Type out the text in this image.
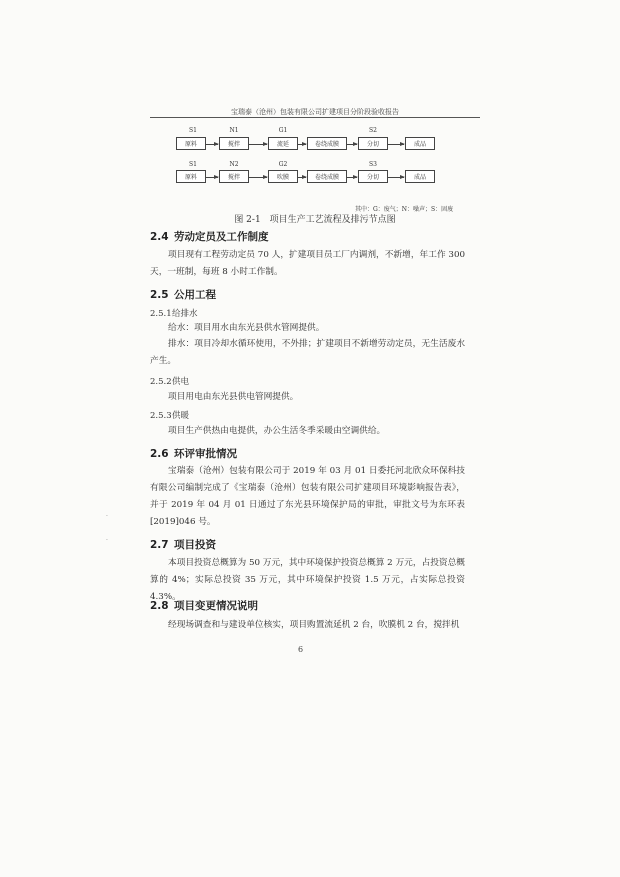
宝瑞泰（沧州）包装有限公司扩建项目分阶段验收报告
S1	N1	G1	S2
原料	搅拌	流延	卷绕成膜	分切	成品
S1	N2	G2	S3
原料	搅拌	吹膜	卷绕成膜	分切	成品
其中：G：废气；N：噪声；S：固废
图 2-1　项目生产工艺流程及排污节点图
2.4 劳动定员及工作制度

项目现有工程劳动定员 70 人，扩建项目员工厂内调剂，不新增，年工作 300 天，一班制，每班 8 小时工作制。

2.5 公用工程
2.5.1给排水

给水：项目用水由东光县供水管网提供。

排水：项目冷却水循环使用，不外排；扩建项目不新增劳动定员，无生活废水产生。

2.5.2供电

项目用电由东光县供电管网提供。

2.5.3供暖

项目生产供热由电提供，办公生活冬季采暖由空调供给。

2.6 环评审批情况

宝瑞泰（沧州）包装有限公司于 2019 年 03 月 01 日委托河北欣众环保科技有限公司编制完成了《宝瑞泰（沧州）包装有限公司扩建项目环境影响报告表》，并于 2019 年 04 月 01 日通过了东光县环境保护局的审批，审批文号为东环表[2019]046 号。

2.7 项目投资

本项目投资总概算为 50 万元，其中环境保护投资总概算 2 万元，占投资总概算的 4%；实际总投资 35 万元，其中环境保护投资 1.5 万元，占实际总投资 4.3%。

2.8 项目变更情况说明

经现场调查和与建设单位核实，项目购置流延机 2 台，吹膜机 2 台，搅拌机

6
·
·
